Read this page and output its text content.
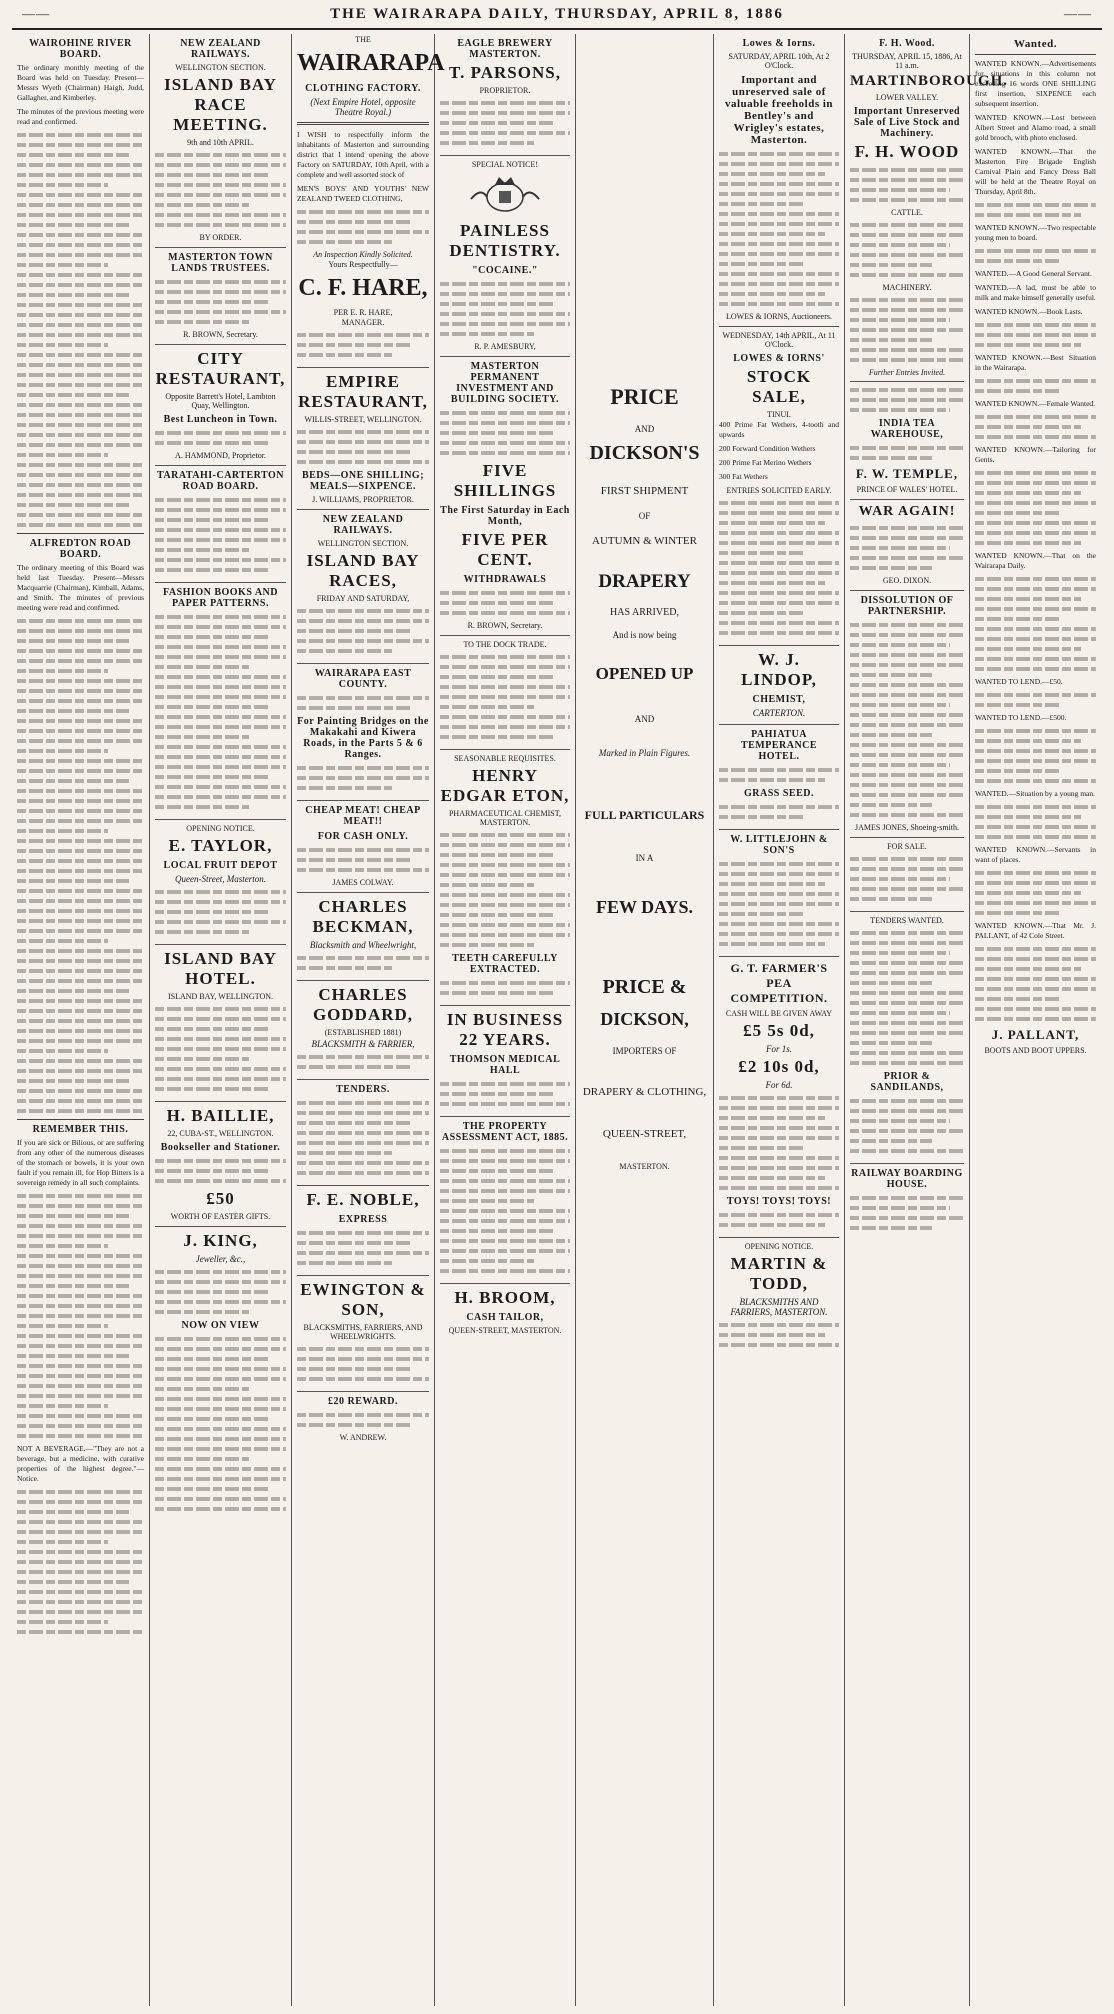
——	THE WAIRARAPA DAILY, THURSDAY, APRIL 8, 1886	——
WAIROHINE RIVER BOARD.

The ordinary monthly meeting of the Board was held on Tuesday. Present—Messrs Wyeth (Chairman) Haigh, Judd, Gallagher, and Kimberley.

The minutes of the previous meeting were read and confirmed.

ALFREDTON ROAD BOARD.

The ordinary meeting of this Board was held last Tuesday. Present—Messrs Macquarrie (Chairman), Kimball, Adams, and Smith. The minutes of previous meeting were read and confirmed.

REMEMBER THIS.

If you are sick or Bilious, or are suffering from any other of the numerous diseases of the stomach or bowels, it is your own fault if you remain ill, for Hop Bitters is a sovereign remedy in all such complaints.

NOT A BEVERAGE.—"They are not a beverage, but a medicine, with curative properties of the highest degree."—Notice.

NEW ZEALAND RAILWAYS.
WELLINGTON SECTION.
ISLAND BAY RACE MEETING.
9th and 10th APRIL.
BY ORDER.
MASTERTON TOWN LANDS TRUSTEES.
R. BROWN, Secretary.
CITY RESTAURANT,
Opposite Barrett's Hotel, Lambton Quay, Wellington.
Best Luncheon in Town.
A. HAMMOND, Proprietor.
TARATAHI-CARTERTON ROAD BOARD.
FASHION BOOKS AND PAPER PATTERNS.
OPENING NOTICE.
E. TAYLOR,
LOCAL FRUIT DEPOT
Queen-Street, Masterton.
ISLAND BAY HOTEL.
ISLAND BAY, WELLINGTON.
H. BAILLIE,
22, CUBA-ST., WELLINGTON.
Bookseller and Stationer.
£50
WORTH OF EASTER GIFTS.
J. KING,
Jeweller, &c.,
NOW ON VIEW
THE
WAIRARAPA
CLOTHING FACTORY.
(Next Empire Hotel, opposite Theatre Royal.)

I WISH to respectfully inform the inhabitants of Masterton and surrounding district that I intend opening the above Factory on SATURDAY, 10th April, with a complete and well assorted stock of

MEN'S BOYS' AND YOUTHS' NEW ZEALAND TWEED CLOTHING,

An Inspection Kindly Solicited.
Yours Respectfully—
C. F. HARE,
PER E. R. HARE,
MANAGER.
EMPIRE RESTAURANT,
WILLIS-STREET, WELLINGTON.
BEDS—ONE SHILLING; MEALS—SIXPENCE.
J. WILLIAMS, PROPRIETOR.
NEW ZEALAND RAILWAYS.
WELLINGTON SECTION.
ISLAND BAY RACES,
FRIDAY AND SATURDAY,
WAIRARAPA EAST COUNTY.
For Painting Bridges on the Makakahi and Kiwera Roads, in the Parts 5 & 6 Ranges.
CHEAP MEAT! CHEAP MEAT!!
FOR CASH ONLY.
JAMES COLWAY.
CHARLES BECKMAN,
Blacksmith and Wheelwright,
CHARLES GODDARD,
(ESTABLISHED 1881)
BLACKSMITH & FARRIER,
TENDERS.
F. E. NOBLE,
EXPRESS
EWINGTON & SON,
BLACKSMITHS, FARRIERS, AND WHEELWRIGHTS.
£20 REWARD.
W. ANDREW.
EAGLE BREWERY MASTERTON.
T. PARSONS,
PROPRIETOR.
SPECIAL NOTICE!
PAINLESS DENTISTRY.
"COCAINE."
R. P. AMESBURY,
MASTERTON PERMANENT INVESTMENT AND BUILDING SOCIETY.
FIVE SHILLINGS
The First Saturday in Each Month,
FIVE PER CENT.
WITHDRAWALS
R. BROWN, Secretary.
TO THE DOCK TRADE.
SEASONABLE REQUISITES.
HENRY EDGAR ETON,
PHARMACEUTICAL CHEMIST, MASTERTON.
TEETH CAREFULLY EXTRACTED.
IN BUSINESS 22 YEARS.
THOMSON MEDICAL HALL
THE PROPERTY ASSESSMENT ACT, 1885.
H. BROOM,
CASH TAILOR,
QUEEN-STREET, MASTERTON.
PRICE
AND
DICKSON'S
FIRST SHIPMENT
OF
AUTUMN & WINTER
DRAPERY
HAS ARRIVED,
And is now being
OPENED UP
AND
Marked in Plain Figures.
FULL PARTICULARS
IN A
FEW DAYS.
PRICE &
DICKSON,
IMPORTERS OF
DRAPERY & CLOTHING,
QUEEN-STREET,
MASTERTON.
Lowes & Iorns.
SATURDAY, APRIL 10th, At 2 O'Clock.
Important and unreserved sale of valuable freeholds in Bentley's and Wrigley's estates, Masterton.
LOWES & IORNS, Auctioneers.
WEDNESDAY, 14th APRIL, At 11 O'Clock.
LOWES & IORNS'
STOCK SALE,
TINUI.
400 Prime Fat Wethers, 4-tooth and upwards
200 Forward Condition Wethers
200 Prime Fat Merino Wethers
300 Fat Wethers
ENTRIES SOLICITED EARLY.
W. J. LINDOP,
CHEMIST,
CARTERTON.
PAHIATUA TEMPERANCE HOTEL.
GRASS SEED.
W. LITTLEJOHN & SON'S
G. T. FARMER'S PEA COMPETITION.
CASH WILL BE GIVEN AWAY
£5 5s 0d,
For 1s.
£2 10s 0d,
For 6d.
TOYS! TOYS! TOYS!
OPENING NOTICE.
MARTIN & TODD,
BLACKSMITHS AND FARRIERS, MASTERTON.
F. H. Wood.
THURSDAY, APRIL 15, 1886, At 11 a.m.
MARTINBOROUGH.
LOWER VALLEY.
Important Unreserved Sale of Live Stock and Machinery.
F. H. WOOD
CATTLE.
MACHINERY.
Further Entries Invited.
INDIA TEA WAREHOUSE,
F. W. TEMPLE,
PRINCE OF WALES' HOTEL.
WAR AGAIN!
GEO. DIXON.
DISSOLUTION OF PARTNERSHIP.
JAMES JONES, Shoeing-smith.
FOR SALE.
TENDERS WANTED.
PRIOR & SANDILANDS,
RAILWAY BOARDING HOUSE.
Wanted.

WANTED KNOWN.—Advertisements for situations in this column not exceeding 16 words ONE SHILLING first insertion, SIXPENCE each subsequent insertion.

WANTED KNOWN.—Lost between Albert Street and Alamo road, a small gold brooch, with photo enclosed.

WANTED KNOWN.—That the Masterton Fire Brigade English Carnival Plain and Fancy Dress Ball will be held at the Theatre Royal on Thursday, April 8th.

WANTED KNOWN.—Two respectable young men to board.

WANTED.—A Good General Servant.

WANTED.—A lad, must be able to milk and make himself generally useful.

WANTED KNOWN.—Book Lasts.

WANTED KNOWN.—Best Situation in the Wairarapa.

WANTED KNOWN.—Female Wanted.

WANTED KNOWN.—Tailoring for Gents.

WANTED KNOWN.—That on the Wairarapa Daily.

WANTED TO LEND.—£50.

WANTED TO LEND.—£500.

WANTED.—Situation by a young man.

WANTED KNOWN.—Servants in want of places.

WANTED KNOWN.—That Mr. J. PALLANT, of 42 Cole Street.

J. PALLANT,
BOOTS AND BOOT UPPERS.
